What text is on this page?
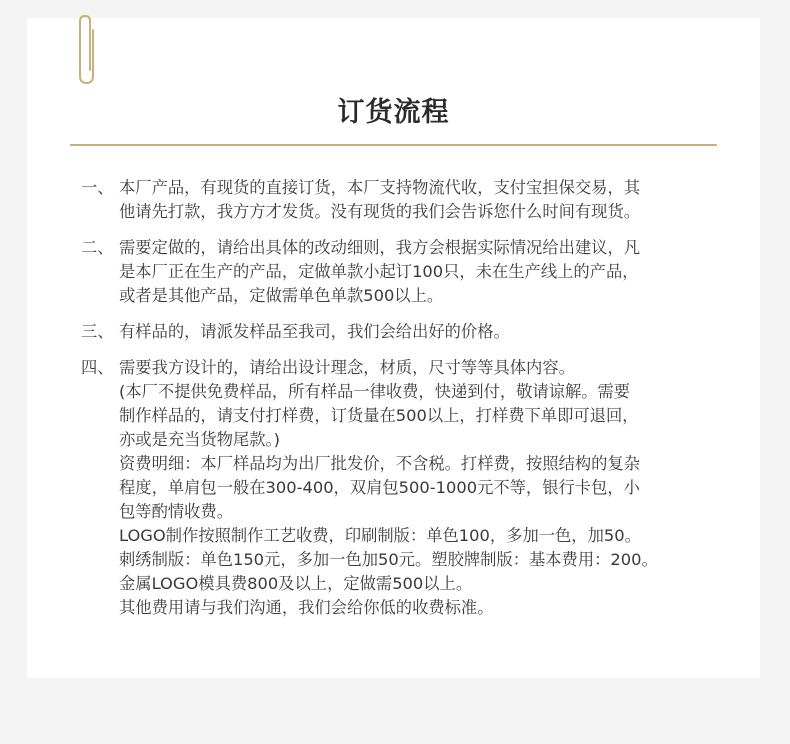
订货流程
一、 本厂产品，有现货的直接订货，本厂支持物流代收，支付宝担保交易，其
他请先打款，我方方才发货。没有现货的我们会告诉您什么时间有现货。
二、 需要定做的，请给出具体的改动细则，我方会根据实际情况给出建议，凡
是本厂正在生产的产品，定做单款小起订100只，未在生产线上的产品，
或者是其他产品，定做需单色单款500以上。
三、 有样品的，请派发样品至我司，我们会给出好的价格。
四、 需要我方设计的，请给出设计理念，材质，尺寸等等具体内容。
(本厂不提供免费样品，所有样品一律收费，快递到付，敬请谅解。需要
制作样品的，请支付打样费，订货量在500以上，打样费下单即可退回，
亦或是充当货物尾款。)
资费明细：本厂样品均为出厂批发价，不含税。打样费，按照结构的复杂
程度，单肩包一般在300-400，双肩包500-1000元不等，银行卡包，小
包等酌情收费。
LOGO制作按照制作工艺收费，印刷制版：单色100，多加一色，加50。
刺绣制版：单色150元，多加一色加50元。塑胶牌制版：基本费用：200。
金属LOGO模具费800及以上，定做需500以上。
其他费用请与我们沟通，我们会给你低的收费标准。
